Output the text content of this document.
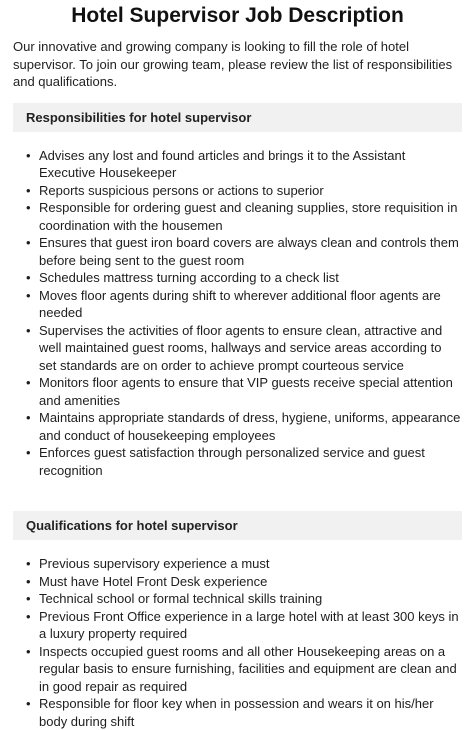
Hotel Supervisor Job Description

Our innovative and growing company is looking to fill the role of hotel supervisor. To join our growing team, please review the list of responsibilities and qualifications.

Responsibilities for hotel supervisor
• Advises any lost and found articles and brings it to the Assistant Executive Housekeeper
• Reports suspicious persons or actions to superior
• Responsible for ordering guest and cleaning supplies, store requisition in coordination with the housemen
• Ensures that guest iron board covers are always clean and controls them before being sent to the guest room
• Schedules mattress turning according to a check list
• Moves floor agents during shift to wherever additional floor agents are needed
• Supervises the activities of floor agents to ensure clean, attractive and well maintained guest rooms, hallways and service areas according to set standards are on order to achieve prompt courteous service
• Monitors floor agents to ensure that VIP guests receive special attention and amenities
• Maintains appropriate standards of dress, hygiene, uniforms, appearance and conduct of housekeeping employees
• Enforces guest satisfaction through personalized service and guest recognition
Qualifications for hotel supervisor
• Previous supervisory experience a must
• Must have Hotel Front Desk experience
• Technical school or formal technical skills training
• Previous Front Office experience in a large hotel with at least 300 keys in a luxury property required
• Inspects occupied guest rooms and all other Housekeeping areas on a regular basis to ensure furnishing, facilities and equipment are clean and in good repair as required
• Responsible for floor key when in possession and wears it on his/her body during shift
